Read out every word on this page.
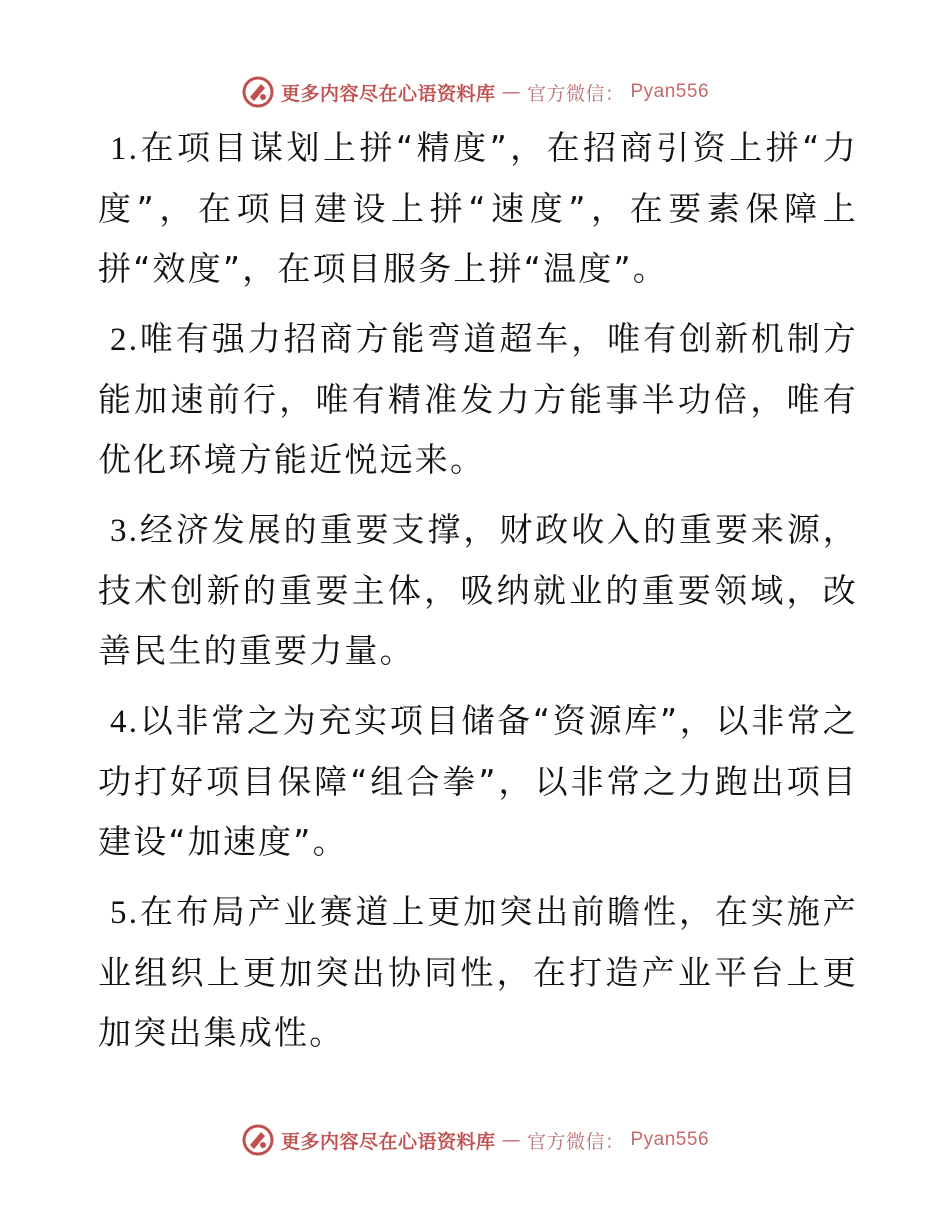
更多内容尽在心语资料库 — 官方微信： Pyan556

1.在项目谋划上拼“精度”，在招商引资上拼“力度”，在项目建设上拼“速度”，在要素保障上拼“效度”，在项目服务上拼“温度”。

2.唯有强力招商方能弯道超车，唯有创新机制方能加速前行，唯有精准发力方能事半功倍，唯有优化环境方能近悦远来。

3.经济发展的重要支撑，财政收入的重要来源，技术创新的重要主体，吸纳就业的重要领域，改善民生的重要力量。

4.以非常之为充实项目储备“资源库”，以非常之功打好项目保障“组合拳”，以非常之力跑出项目建设“加速度”。

5.在布局产业赛道上更加突出前瞻性，在实施产业组织上更加突出协同性，在打造产业平台上更加突出集成性。

更多内容尽在心语资料库 — 官方微信： Pyan556
